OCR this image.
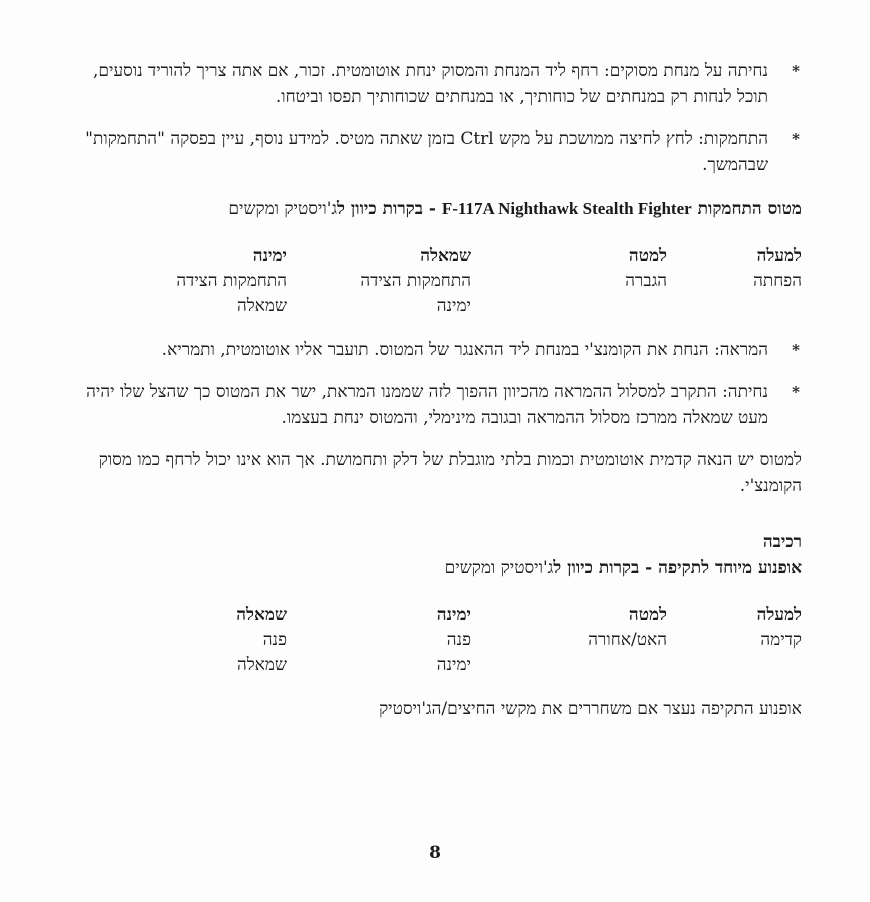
*
נחיתה על מנחת מסוקים: רחף ליד המנחת והמסוק ינחת אוטומטית. זכור, אם אתה צריך להוריד נוסעים, תוכל לנחות רק במנחתים של כוחותיך, או במנחתים שכוחותיך תפסו וביטחו.
*
התחמקות: לחץ לחיצה ממושכת על מקש Ctrl בזמן שאתה מטיס. למידע נוסף, עיין בפסקה "התחמקות" שבהמשך.
מטוס התחמקות F-117A Nighthawk Stealth Fighter - בקרות כיוון לג'ויסטיק ומקשים
למעלה	למטה	שמאלה	ימינה
הפחתה	הגברה	התחמקות הצידה	התחמקות הצידה
		ימינה	שמאלה
*
המראה: הנחת את הקומנצ'י במנחת ליד ההאנגר של המטוס. תועבר אליו אוטומטית, ותמריא.
*
נחיתה: התקרב למסלול ההמראה מהכיוון ההפוך לזה שממנו המראת, ישר את המטוס כך שהצל שלו יהיה מעט שמאלה ממרכז מסלול ההמראה ובגובה מינימלי, והמטוס ינחת בעצמו.

למטוס יש הנאה קדמית אוטומטית וכמות בלתי מוגבלת של דלק ותחמושת. אך הוא אינו יכול לרחף כמו מסוק הקומנצ'י.

רכיבה

אופנוע מיוחד לתקיפה - בקרות כיוון לג'ויסטיק ומקשים
למעלה	למטה	ימינה	שמאלה
קדימה	האט/אחורה	פנה	פנה
		ימינה	שמאלה

אופנוע התקיפה נעצר אם משחררים את מקשי החיצים/הג'ויסטיק

8
